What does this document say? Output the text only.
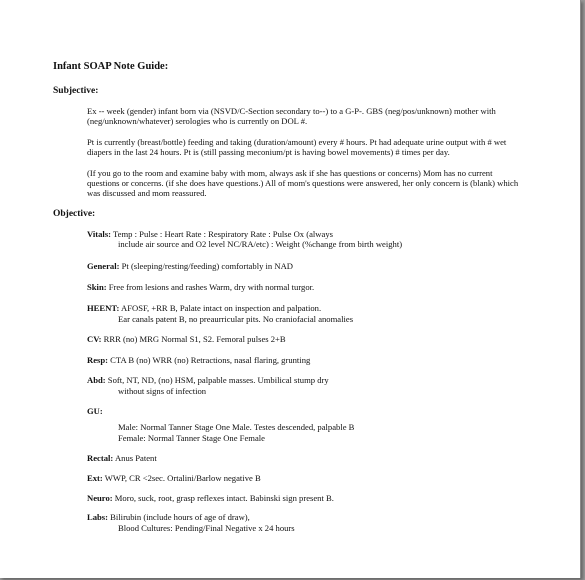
Infant SOAP Note Guide:
Subjective:
Ex -- week (gender) infant born via (NSVD/C-Section secondary to--) to a G-P-. GBS (neg/pos/unknown) mother with
(neg/unknown/whatever) serologies who is currently on DOL #.
Pt is currently (breast/bottle) feeding and taking (duration/amount) every # hours. Pt had adequate urine output with # wet
diapers in the last 24 hours. Pt is (still passing meconium/pt is having bowel movements) # times per day.
(If you go to the room and examine baby with mom, always ask if she has questions or concerns) Mom has no current
questions or concerns. (if she does have questions.) All of mom's questions were answered, her only concern is (blank) which
was discussed and mom reassured.
Objective:
Vitals: Temp : Pulse : Heart Rate : Respiratory Rate : Pulse Ox (always
include air source and O2 level NC/RA/etc) : Weight (%change from birth weight)
General: Pt (sleeping/resting/feeding) comfortably in NAD
Skin: Free from lesions and rashes Warm, dry with normal turgor.
HEENT: AFOSF, +RR B, Palate intact on inspection and palpation.
Ear canals patent B, no preaurricular pits. No craniofacial anomalies
CV: RRR (no) MRG Normal S1, S2. Femoral pulses 2+B
Resp: CTA B (no) WRR (no) Retractions, nasal flaring, grunting
Abd: Soft, NT, ND, (no) HSM, palpable masses. Umbilical stump dry
without signs of infection
GU:
Male: Normal Tanner Stage One Male. Testes descended, palpable B
Female: Normal Tanner Stage One Female
Rectal: Anus Patent
Ext: WWP, CR <2sec. Ortalini/Barlow negative B
Neuro: Moro, suck, root, grasp reflexes intact. Babinski sign present B.
Labs: Bilirubin (include hours of age of draw),
Blood Cultures: Pending/Final Negative x 24 hours
